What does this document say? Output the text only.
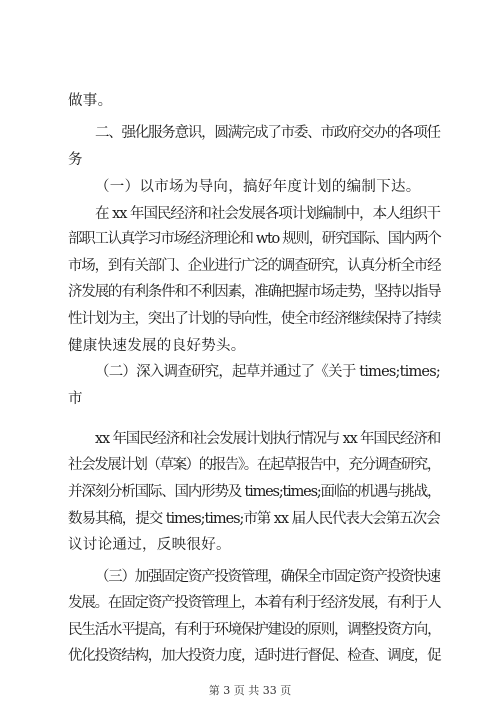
做事。
二、强化服务意识，圆满完成了市委、市政府交办的各项任
务
（一）以市场为导向，搞好年度计划的编制下达。
在 xx 年国民经济和社会发展各项计划编制中，本人组织干
部职工认真学习市场经济理论和 wto 规则，研究国际、国内两个
市场，到有关部门、企业进行广泛的调查研究，认真分析全市经
济发展的有利条件和不利因素，准确把握市场走势，坚持以指导
性计划为主，突出了计划的导向性，使全市经济继续保持了持续
健康快速发展的良好势头。
（二）深入调查研究，起草并通过了《关于 times;times;
市
xx 年国民经济和社会发展计划执行情况与 xx 年国民经济和
社会发展计划（草案）的报告》。在起草报告中，充分调查研究，
并深刻分析国际、国内形势及 times;times;面临的机遇与挑战，
数易其稿，提交 times;times;市第 xx 届人民代表大会第五次会
议讨论通过，反映很好。
（三）加强固定资产投资管理，确保全市固定资产投资快速
发展。在固定资产投资管理上，本着有利于经济发展，有利于人
民生活水平提高，有利于环境保护建设的原则，调整投资方向，
优化投资结构，加大投资力度，适时进行督促、检查、调度，促
第 3 页 共 33 页
